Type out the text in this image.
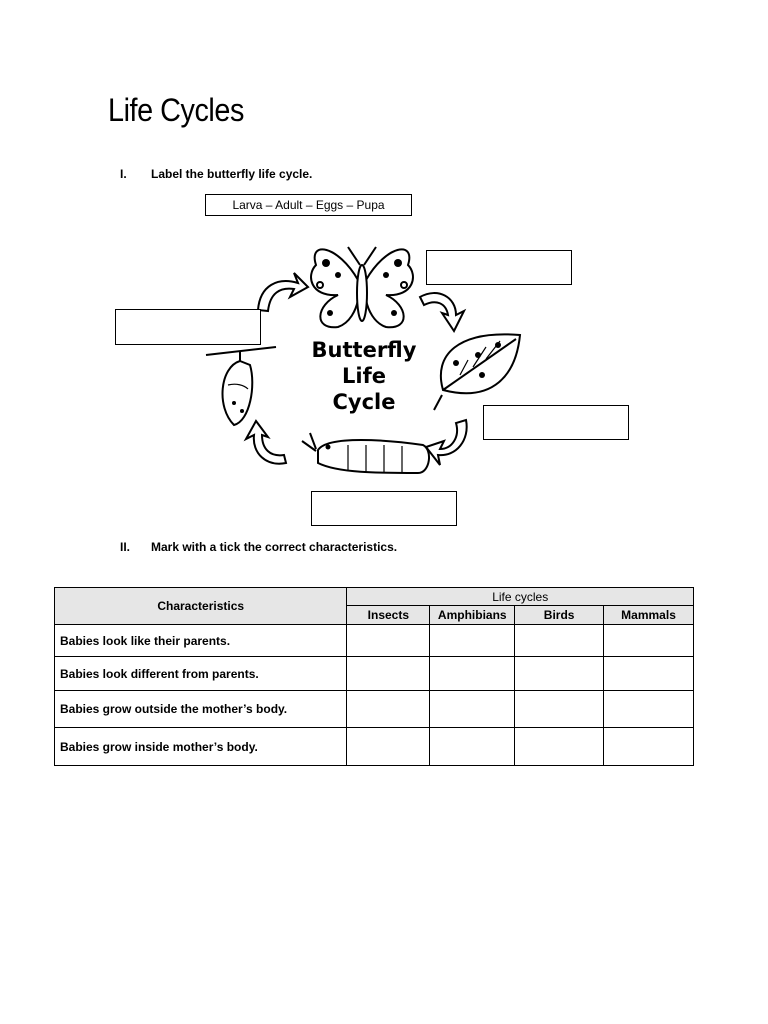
Life Cycles
I. Label the butterfly life cycle.
Larva – Adult – Eggs – Pupa
Butterfly
Life
Cycle
II. Mark with a tick the correct characteristics.
Characteristics	Life cycles			
	Insects	Amphibians	Birds	Mammals
Babies look like their parents.				
Babies look different from parents.				
Babies grow outside the mother’s body.				
Babies grow inside mother’s body.				
